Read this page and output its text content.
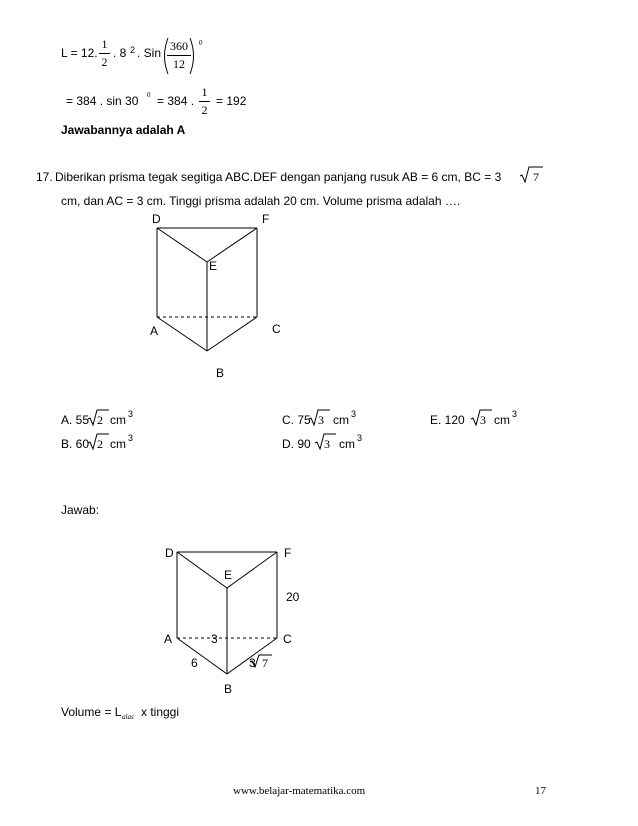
L = 12.
1
2
. 8 2 . Sin 360
12
0
= 384 . sin 30 0 = 384 .
1
2
= 192
Jawabannya adalah A
17. Diberikan prisma tegak segitiga ABC.DEF dengan panjang rusuk AB = 6 cm, BC = 3	7
cm, dan AC = 3 cm. Tinggi prisma adalah 20 cm. Volume prisma adalah ….
D	F
E
A	C
B
A. 55 2 cm 3
B. 60 2 cm 3
C. 75 3 cm 3
D. 90 3 cm 3
E. 120 3 cm 3
Jawab:
D	F
E
20
A	3	C
6	3 7
B
Volume = L alas x tinggi
www.belajar-matematika.com	17
